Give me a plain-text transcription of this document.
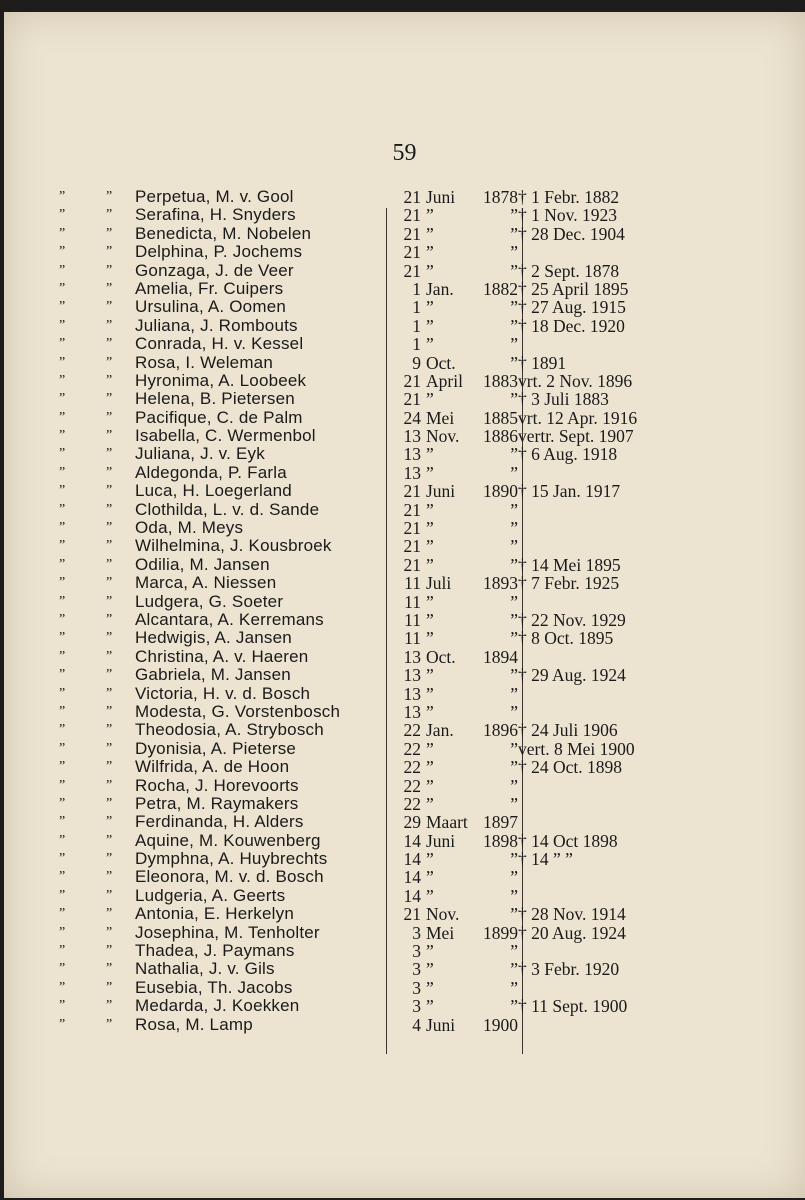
59
”	” Perpetua, M. v. Gool	21 Juni 1878 † 1 Febr. 1882
”	” Serafina, H. Snyders	21 ”	” † 1 Nov. 1923
”	” Benedicta, M. Nobelen	21 ”	” † 28 Dec. 1904
”	” Delphina, P. Jochems	21 ”	”
”	” Gonzaga, J. de Veer	21 ”	” † 2 Sept. 1878
”	” Amelia, Fr. Cuipers	1 Jan. 1882 † 25 April 1895
”	” Ursulina, A. Oomen	1 ”	” † 27 Aug. 1915
”	” Juliana, J. Rombouts	1 ”	” † 18 Dec. 1920
”	” Conrada, H. v. Kessel	1 ”	”
”	” Rosa, I. Weleman	9 Oct.	” † 1891
”	” Hyronima, A. Loobeek	21 April 1883 vrt. 2 Nov. 1896
”	” Helena, B. Pietersen	21 ”	” † 3 Juli 1883
”	” Pacifique, C. de Palm	24 Mei 1885 vrt. 12 Apr. 1916
”	” Isabella, C. Wermenbol	13 Nov. 1886 vertr. Sept. 1907
”	” Juliana, J. v. Eyk	13 ”	” † 6 Aug. 1918
”	” Aldegonda, P. Farla	13 ”	”
”	” Luca, H. Loegerland	21 Juni 1890 † 15 Jan. 1917
”	” Clothilda, L. v. d. Sande	21 ”	”
”	” Oda, M. Meys	21 ”	”
”	” Wilhelmina, J. Kousbroek	21 ”	”
”	” Odilia, M. Jansen	21 ”	” † 14 Mei 1895
”	” Marca, A. Niessen	11 Juli 1893 † 7 Febr. 1925
”	” Ludgera, G. Soeter	11 ”	”
”	” Alcantara, A. Kerremans	11 ”	” † 22 Nov. 1929
”	” Hedwigis, A. Jansen	11 ”	” † 8 Oct. 1895
”	” Christina, A. v. Haeren	13 Oct. 1894
”	” Gabriela, M. Jansen	13 ”	” † 29 Aug. 1924
”	” Victoria, H. v. d. Bosch	13 ”	”
”	” Modesta, G. Vorstenbosch	13 ”	”
”	” Theodosia, A. Strybosch	22 Jan. 1896 † 24 Juli 1906
”	” Dyonisia, A. Pieterse	22 ”	” vert. 8 Mei 1900
”	” Wilfrida, A. de Hoon	22 ”	” † 24 Oct. 1898
”	” Rocha, J. Horevoorts	22 ”	”
”	” Petra, M. Raymakers	22 ”	”
”	” Ferdinanda, H. Alders	29 Maart 1897
”	” Aquine, M. Kouwenberg	14 Juni 1898 † 14 Oct 1898
”	” Dymphna, A. Huybrechts	14 ”	” † 14 ” ”
”	” Eleonora, M. v. d. Bosch	14 ”	”
”	” Ludgeria, A. Geerts	14 ”	”
”	” Antonia, E. Herkelyn	21 Nov.	” † 28 Nov. 1914
”	” Josephina, M. Tenholter	3 Mei 1899 † 20 Aug. 1924
”	” Thadea, J. Paymans	3 ”	”
”	” Nathalia, J. v. Gils	3 ”	” † 3 Febr. 1920
”	” Eusebia, Th. Jacobs	3 ”	”
”	” Medarda, J. Koekken	3 ”	” † 11 Sept. 1900
”	” Rosa, M. Lamp	4 Juni 1900
